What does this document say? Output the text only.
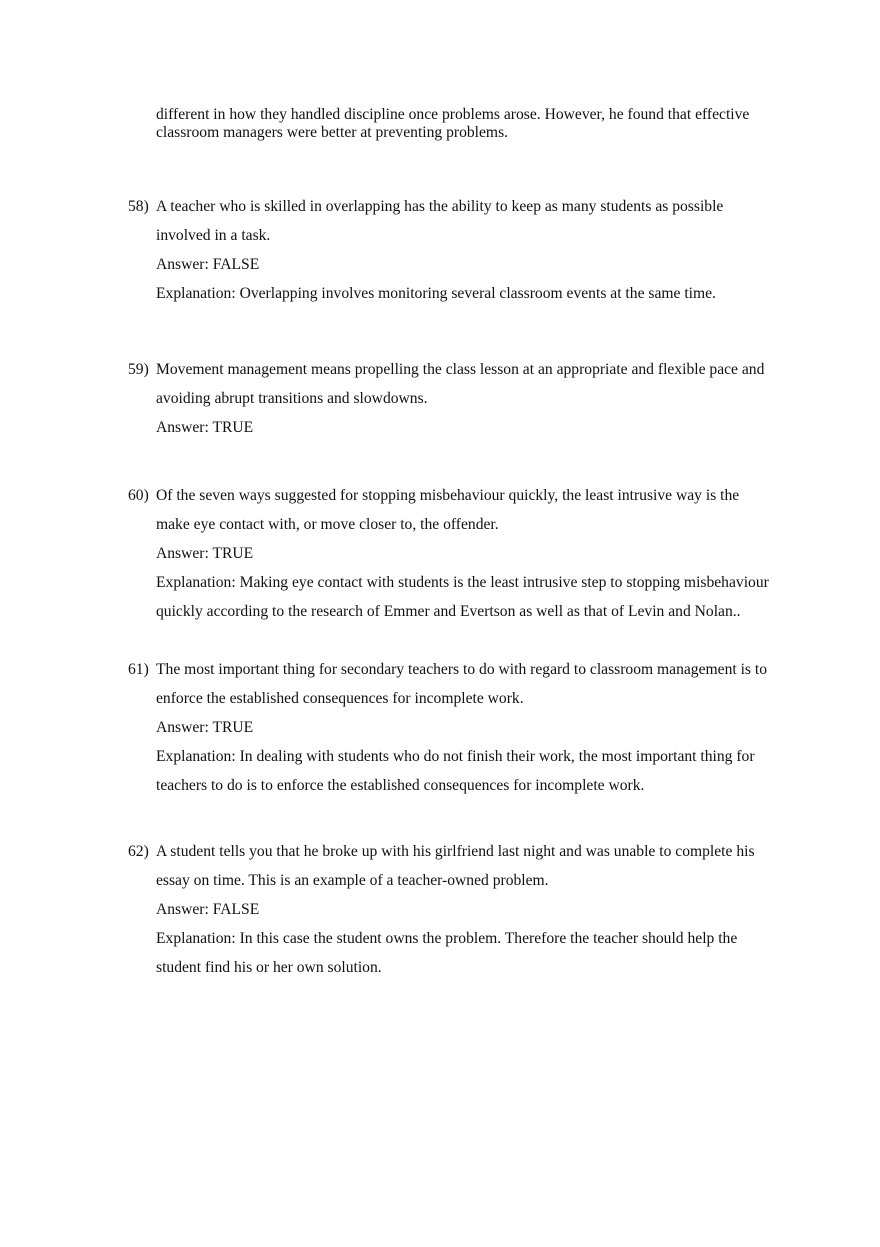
different in how they handled discipline once problems arose. However, he found that effective

classroom managers were better at preventing problems.

58) A teacher who is skilled in overlapping has the ability to keep as many students as possible
involved in a task.
Answer: FALSE
Explanation: Overlapping involves monitoring several classroom events at the same time.
59) Movement management means propelling the class lesson at an appropriate and flexible pace and
avoiding abrupt transitions and slowdowns.
Answer: TRUE
60) Of the seven ways suggested for stopping misbehaviour quickly, the least intrusive way is the
make eye contact with, or move closer to, the offender.
Answer: TRUE
Explanation: Making eye contact with students is the least intrusive step to stopping misbehaviour
quickly according to the research of Emmer and Evertson as well as that of Levin and Nolan..
61) The most important thing for secondary teachers to do with regard to classroom management is to
enforce the established consequences for incomplete work.
Answer: TRUE
Explanation: In dealing with students who do not finish their work, the most important thing for
teachers to do is to enforce the established consequences for incomplete work.
62) A student tells you that he broke up with his girlfriend last night and was unable to complete his
essay on time. This is an example of a teacher-owned problem.
Answer: FALSE
Explanation: In this case the student owns the problem. Therefore the teacher should help the
student find his or her own solution.
